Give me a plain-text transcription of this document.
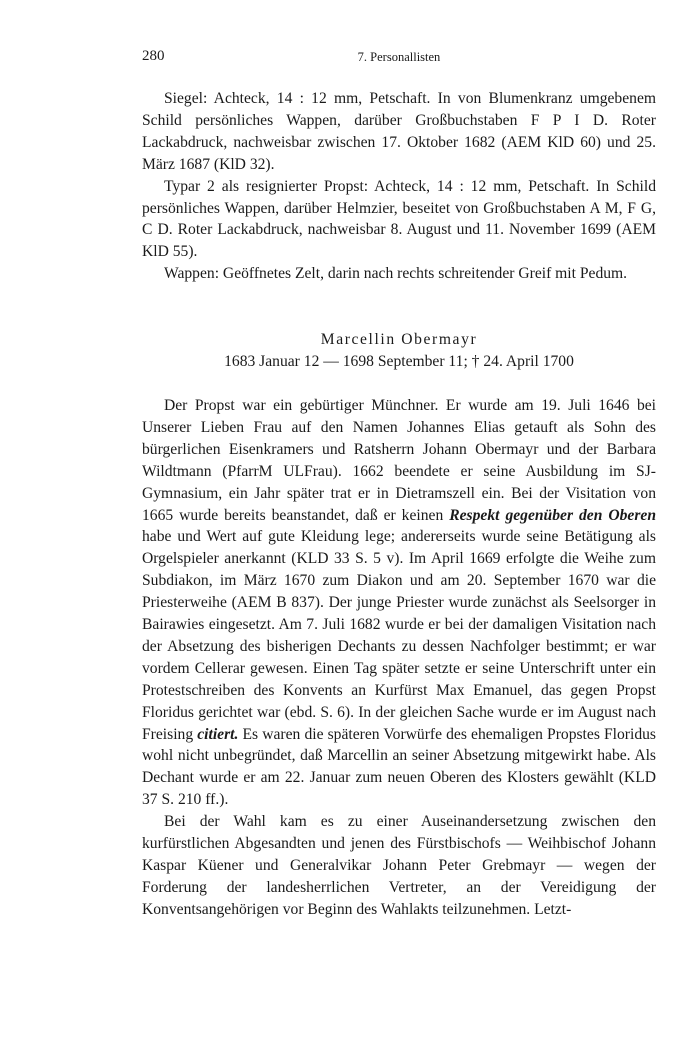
280	7. Personallisten

Siegel: Achteck, 14 : 12 mm, Petschaft. In von Blumenkranz umgebenem Schild persönliches Wappen, darüber Großbuchstaben F P I D. Roter Lackabdruck, nachweisbar zwischen 17. Oktober 1682 (AEM KlD 60) und 25. März 1687 (KlD 32).

Typar 2 als resignierter Propst: Achteck, 14 : 12 mm, Petschaft. In Schild persönliches Wappen, darüber Helmzier, beseitet von Großbuchstaben A M, F G, C D. Roter Lackabdruck, nachweisbar 8. August und 11. November 1699 (AEM KlD 55).

Wappen: Geöffnetes Zelt, darin nach rechts schreitender Greif mit Pedum.

Marcellin Obermayr

1683 Januar 12 — 1698 September 11; † 24. April 1700

Der Propst war ein gebürtiger Münchner. Er wurde am 19. Juli 1646 bei Unserer Lieben Frau auf den Namen Johannes Elias getauft als Sohn des bürgerlichen Eisenkramers und Ratsherrn Johann Obermayr und der Barbara Wildtmann (PfarrM ULFrau). 1662 beendete er seine Ausbildung im SJ-Gymnasium, ein Jahr später trat er in Dietramszell ein. Bei der Visitation von 1665 wurde bereits beanstandet, daß er keinen Respekt gegenüber den Oberen habe und Wert auf gute Kleidung lege; andererseits wurde seine Betätigung als Orgelspieler anerkannt (KLD 33 S. 5 v). Im April 1669 erfolgte die Weihe zum Subdiakon, im März 1670 zum Diakon und am 20. September 1670 war die Priesterweihe (AEM B 837). Der junge Priester wurde zunächst als Seelsorger in Bairawies eingesetzt. Am 7. Juli 1682 wurde er bei der damaligen Visitation nach der Absetzung des bisherigen Dechants zu dessen Nachfolger bestimmt; er war vordem Cellerar gewesen. Einen Tag später setzte er seine Unterschrift unter ein Protestschreiben des Konvents an Kurfürst Max Emanuel, das gegen Propst Floridus gerichtet war (ebd. S. 6). In der gleichen Sache wurde er im August nach Freising citiert. Es waren die späteren Vorwürfe des ehemaligen Propstes Floridus wohl nicht unbegründet, daß Marcellin an seiner Absetzung mitgewirkt habe. Als Dechant wurde er am 22. Januar zum neuen Oberen des Klosters gewählt (KLD 37 S. 210 ff.).

Bei der Wahl kam es zu einer Auseinandersetzung zwischen den kurfürstlichen Abgesandten und jenen des Fürstbischofs — Weihbischof Johann Kaspar Küener und Generalvikar Johann Peter Grebmayr — wegen der Forderung der landesherrlichen Vertreter, an der Vereidigung der Konventsangehörigen vor Beginn des Wahlakts teilzunehmen. Letzt-
